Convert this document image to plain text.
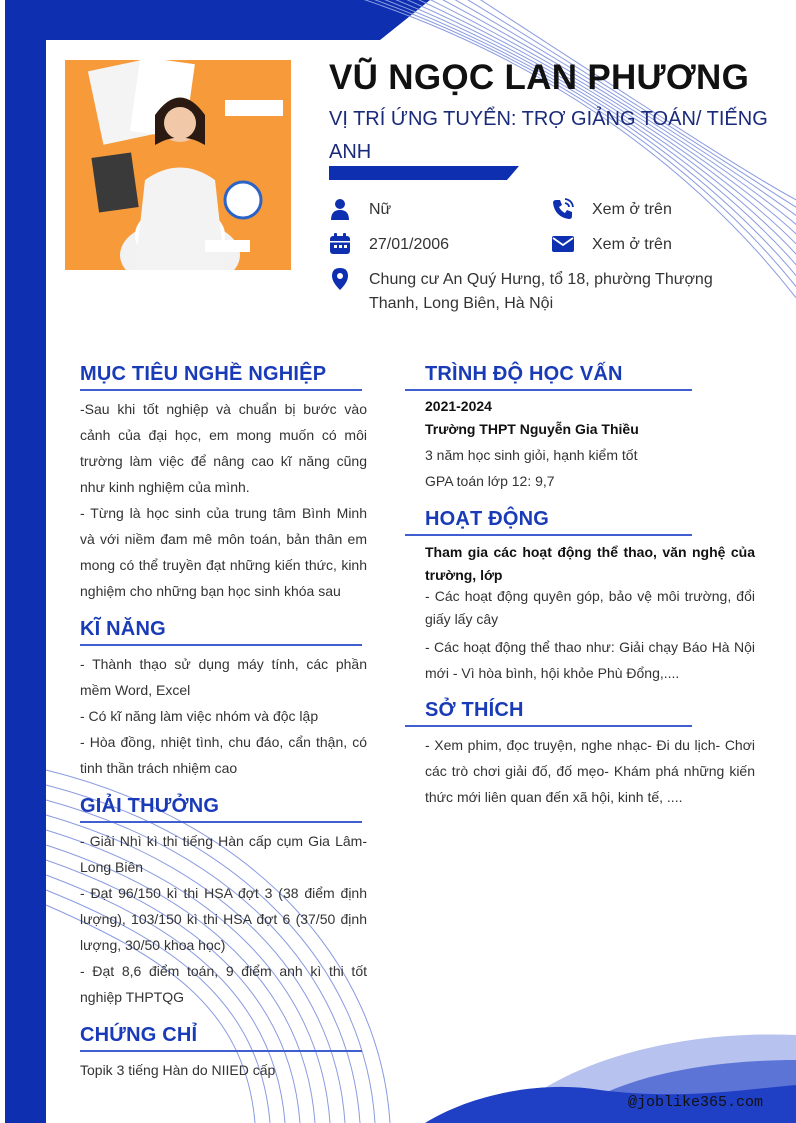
VŨ NGỌC LAN PHƯƠNG
VỊ TRÍ ỨNG TUYỂN: TRỢ GIẢNG TOÁN/ TIẾNG ANH
Nữ	Xem ở trên
27/01/2006	Xem ở trên
Chung cư An Quý Hưng, tổ 18, phường Thượng Thanh, Long Biên, Hà Nội
MỤC TIÊU NGHỀ NGHIỆP

-Sau khi tốt nghiệp và chuẩn bị bước vào cảnh của đại học, em mong muốn có môi trường làm việc để nâng cao kĩ năng cũng như kinh nghiệm của mình.

- Từng là học sinh của trung tâm Bình Minh và với niềm đam mê môn toán, bản thân em mong có thể truyền đạt những kiến thức, kinh nghiệm cho những bạn học sinh khóa sau

KĨ NĂNG

- Thành thạo sử dụng máy tính, các phần mềm Word, Excel

- Có kĩ năng làm việc nhóm và độc lập

- Hòa đồng, nhiệt tình, chu đáo, cẩn thận, có tinh thần trách nhiệm cao

GIẢI THƯỞNG

- Giải Nhì kì thi tiếng Hàn cấp cụm Gia Lâm-Long Biên

- Đạt 96/150 kì thi HSA đợt 3 (38 điểm định lượng), 103/150 kì thi HSA đợt 6 (37/50 định lượng, 30/50 khoa học)

- Đạt 8,6 điểm toán, 9 điểm anh kì thi tốt nghiệp THPTQG

CHỨNG CHỈ

Topik 3 tiếng Hàn do NIIED cấp

TRÌNH ĐỘ HỌC VẤN
2021-2024
Trường THPT Nguyễn Gia Thiều

3 năm học sinh giỏi, hạnh kiểm tốt

GPA toán lớp 12: 9,7

HOẠT ĐỘNG
Tham gia các hoạt động thể thao, văn nghệ của trường, lớp

- Các hoạt động quyên góp, bảo vệ môi trường, đổi giấy lấy cây

- Các hoạt động thể thao như: Giải chạy Báo Hà Nội mới - Vì hòa bình, hội khỏe Phù Đổng,....

SỞ THÍCH

- Xem phim, đọc truyện, nghe nhạc- Đi du lịch- Chơi các trò chơi giải đố, đố mẹo- Khám phá những kiến thức mới liên quan đến xã hội, kinh tế, ....

@joblike365.com
